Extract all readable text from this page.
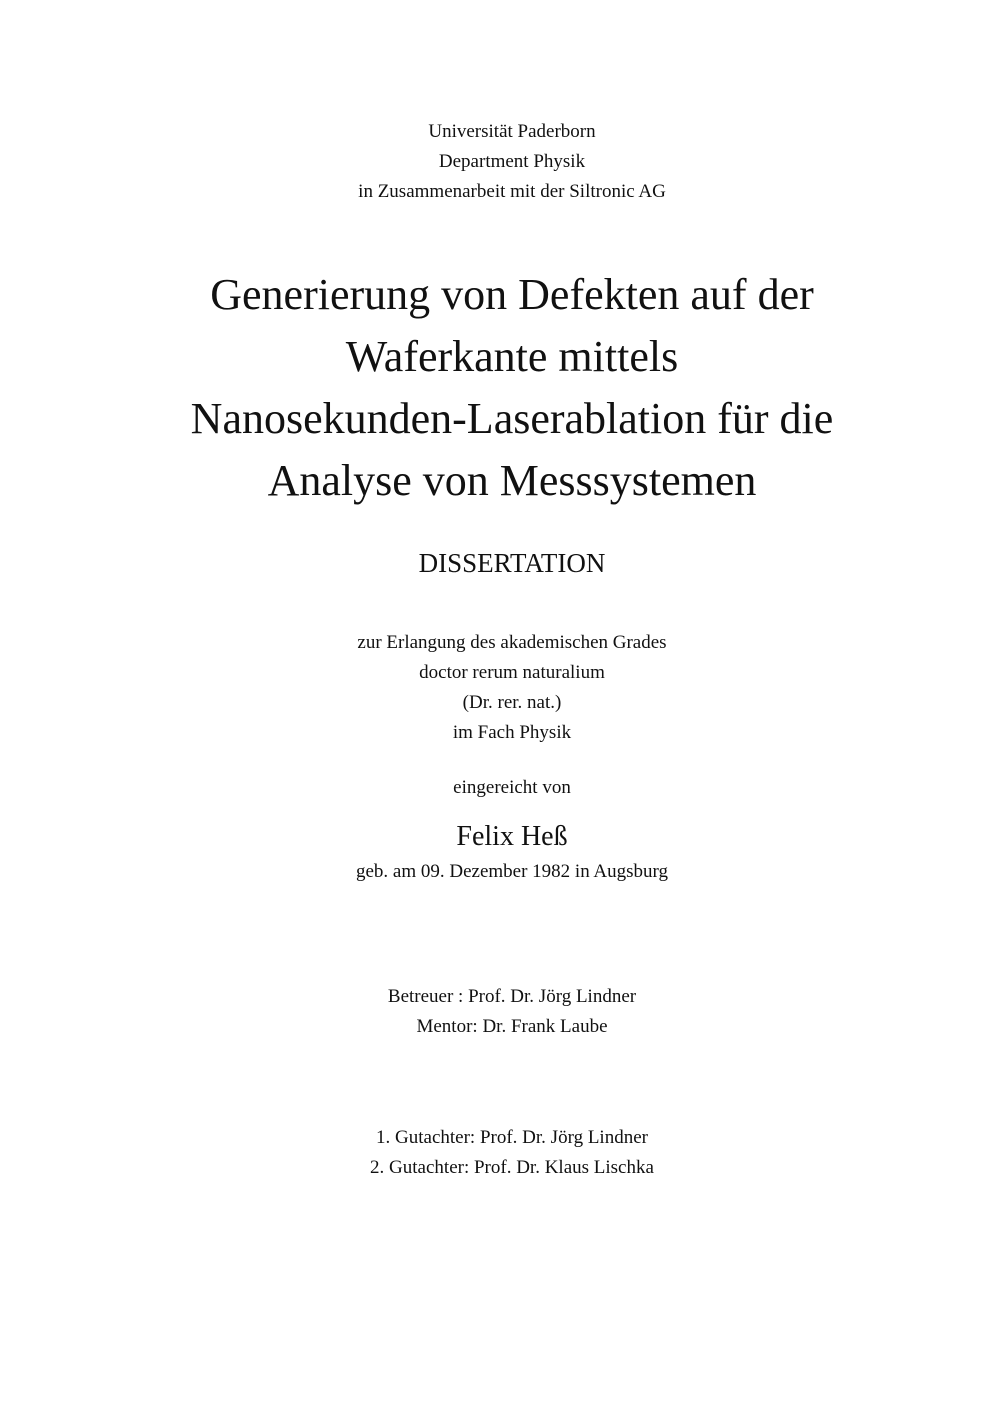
Universität Paderborn
Department Physik
in Zusammenarbeit mit der Siltronic AG
Generierung von Defekten auf der
Waferkante mittels
Nanosekunden-Laserablation für die
Analyse von Messsystemen
DISSERTATION
zur Erlangung des akademischen Grades
doctor rerum naturalium
(Dr. rer. nat.)
im Fach Physik
eingereicht von
Felix Heß
geb. am 09. Dezember 1982 in Augsburg
Betreuer : Prof. Dr. Jörg Lindner
Mentor: Dr. Frank Laube
1. Gutachter: Prof. Dr. Jörg Lindner
2. Gutachter: Prof. Dr. Klaus Lischka
